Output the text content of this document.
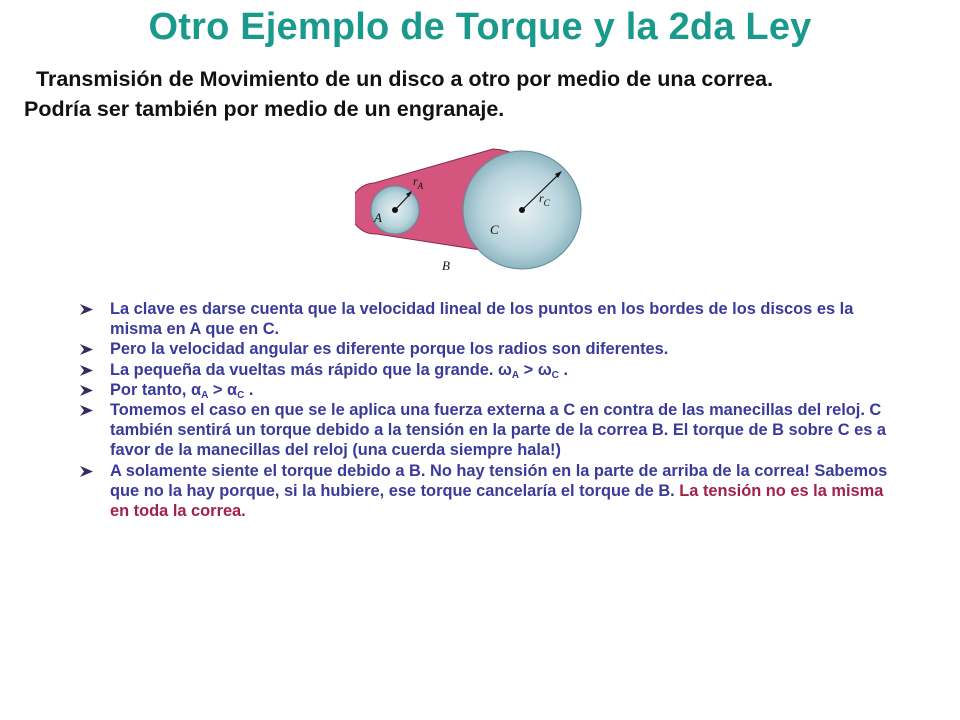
Otro Ejemplo de Torque y la 2da Ley
Transmisión de Movimiento de un disco a otro por medio de una correa.
Podría ser también por medio de un engranaje.
A
$r_A$
$r_C$
C
B
La clave es darse cuenta que la velocidad lineal de los puntos en los bordes de los discos es la misma en A que en C.
Pero la velocidad angular es diferente porque los radios son diferentes.
La pequeña da vueltas más rápido que la grande. $\omega_A > \omega_C$ .
Por tanto, $\alpha_A > \alpha_C$ .
Tomemos el caso en que se le aplica una fuerza externa a C en contra de las manecillas del reloj. C también sentirá un torque debido a la tensión en la parte de la correa B. El torque de B sobre C es a favor de la manecillas del reloj (una cuerda siempre hala!)
A solamente siente el torque debido a B. No hay tensión en la parte de arriba de la correa! Sabemos que no la hay porque, si la hubiere, ese torque cancelaría el torque de B. La tensión no es la misma en toda la correa.
